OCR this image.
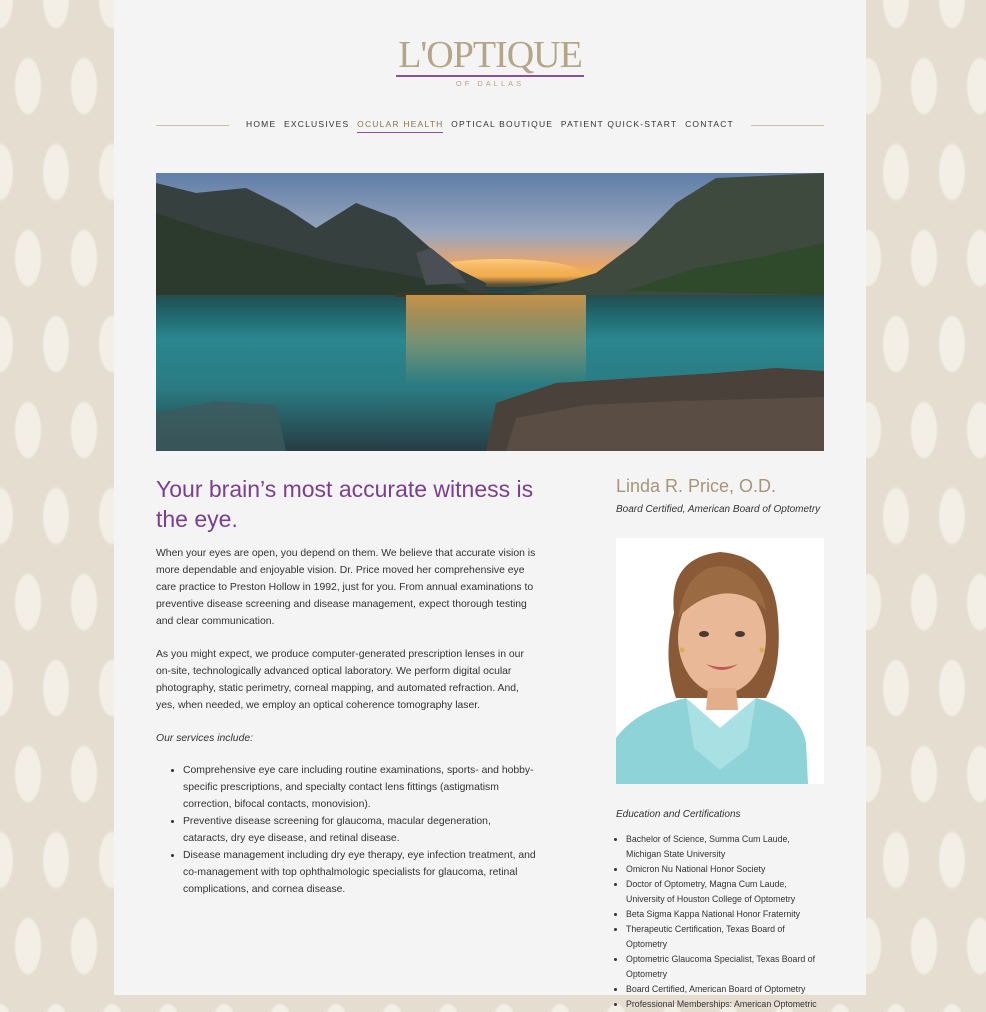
L'OPTIQUE
OF DALLAS
HOME EXCLUSIVES OCULAR HEALTH OPTICAL BOUTIQUE PATIENT QUICK-START CONTACT
Your brain’s most accurate witness is the eye.

When your eyes are open, you depend on them. We believe that accurate vision is more dependable and enjoyable vision. Dr. Price moved her comprehensive eye care practice to Preston Hollow in 1992, just for you. From annual examinations to preventive disease screening and disease management, expect thorough testing and clear communication.

As you might expect, we produce computer-generated prescription lenses in our on-site, technologically advanced optical laboratory. We perform digital ocular photography, static perimetry, corneal mapping, and automated refraction. And, yes, when needed, we employ an optical coherence tomography laser.

Our services include:

• Comprehensive eye care including routine examinations, sports- and hobby-specific prescriptions, and specialty contact lens fittings (astigmatism correction, bifocal contacts, monovision).
• Preventive disease screening for glaucoma, macular degeneration, cataracts, dry eye disease, and retinal disease.
• Disease management including dry eye therapy, eye infection treatment, and co-management with top ophthalmologic specialists for glaucoma, retinal complications, and cornea disease.
Linda R. Price, O.D.

Board Certified, American Board of Optometry

Education and Certifications

• Bachelor of Science, Summa Cum Laude, Michigan State University
• Omicron Nu National Honor Society
• Doctor of Optometry, Magna Cum Laude, University of Houston College of Optometry
• Beta Sigma Kappa National Honor Fraternity
• Therapeutic Certification, Texas Board of Optometry
• Optometric Glaucoma Specialist, Texas Board of Optometry
• Board Certified, American Board of Optometry
• Professional Memberships: American Optometric
